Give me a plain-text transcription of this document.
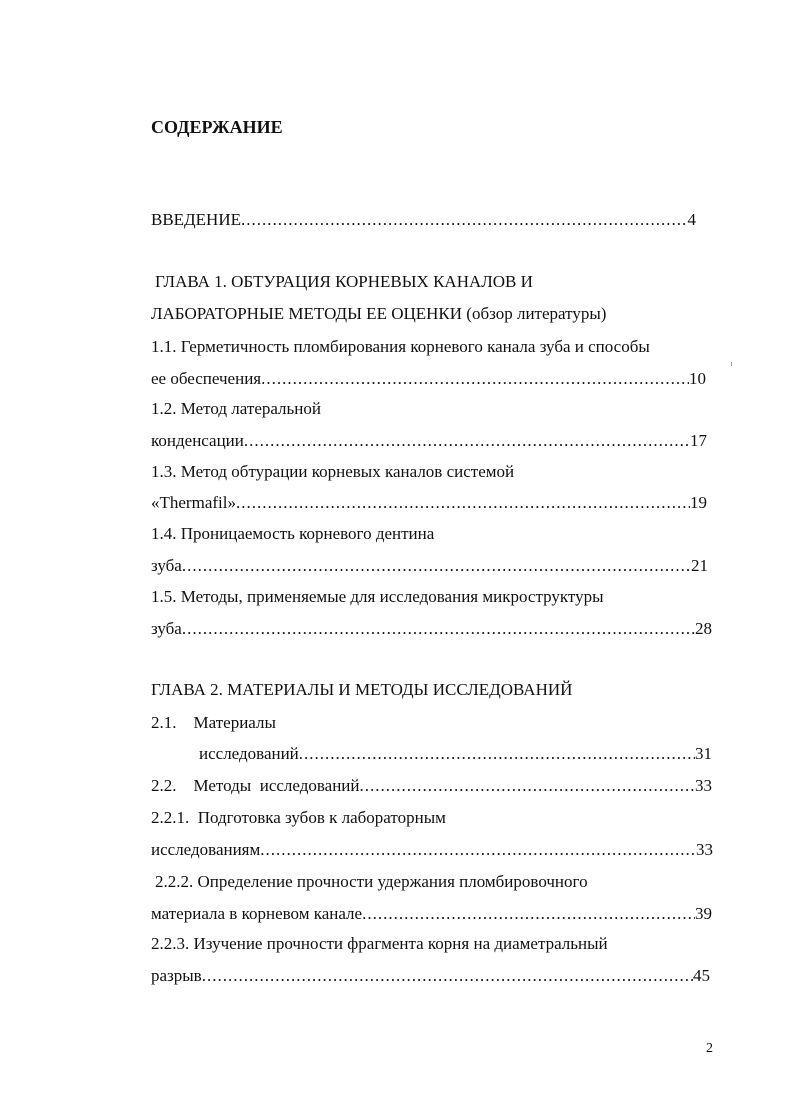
СОДЕРЖАНИЕ
ВВЕДЕНИЕ .....	4
ГЛАВА 1. ОБТУРАЦИЯ КОРНЕВЫХ КАНАЛОВ И
ЛАБОРАТОРНЫЕ МЕТОДЫ ЕЕ ОЦЕНКИ (обзор литературы)
1.1. Герметичность пломбирования корневого канала зуба и способы
ее обеспечения .....	10
1.2. Метод латеральной
конденсации .....	17
1.3. Метод обтурации корневых каналов системой
«Thermafil» .....	19
1.4. Проницаемость корневого дентина
зуба .....	21
1.5. Методы, применяемые для исследования микроструктуры
зуба .....	28
ГЛАВА 2. МАТЕРИАЛЫ И МЕТОДЫ ИССЛЕДОВАНИЙ
2.1.    Материалы
исследований .....	31
2.2.    Методы  исследований .....	33
2.2.1.  Подготовка зубов к лабораторным
исследованиям .....	33
2.2.2. Определение прочности удержания пломбировочного
материала в корневом канале .....	39
2.2.3. Изучение прочности фрагмента корня на диаметральный
разрыв .....	45
2
